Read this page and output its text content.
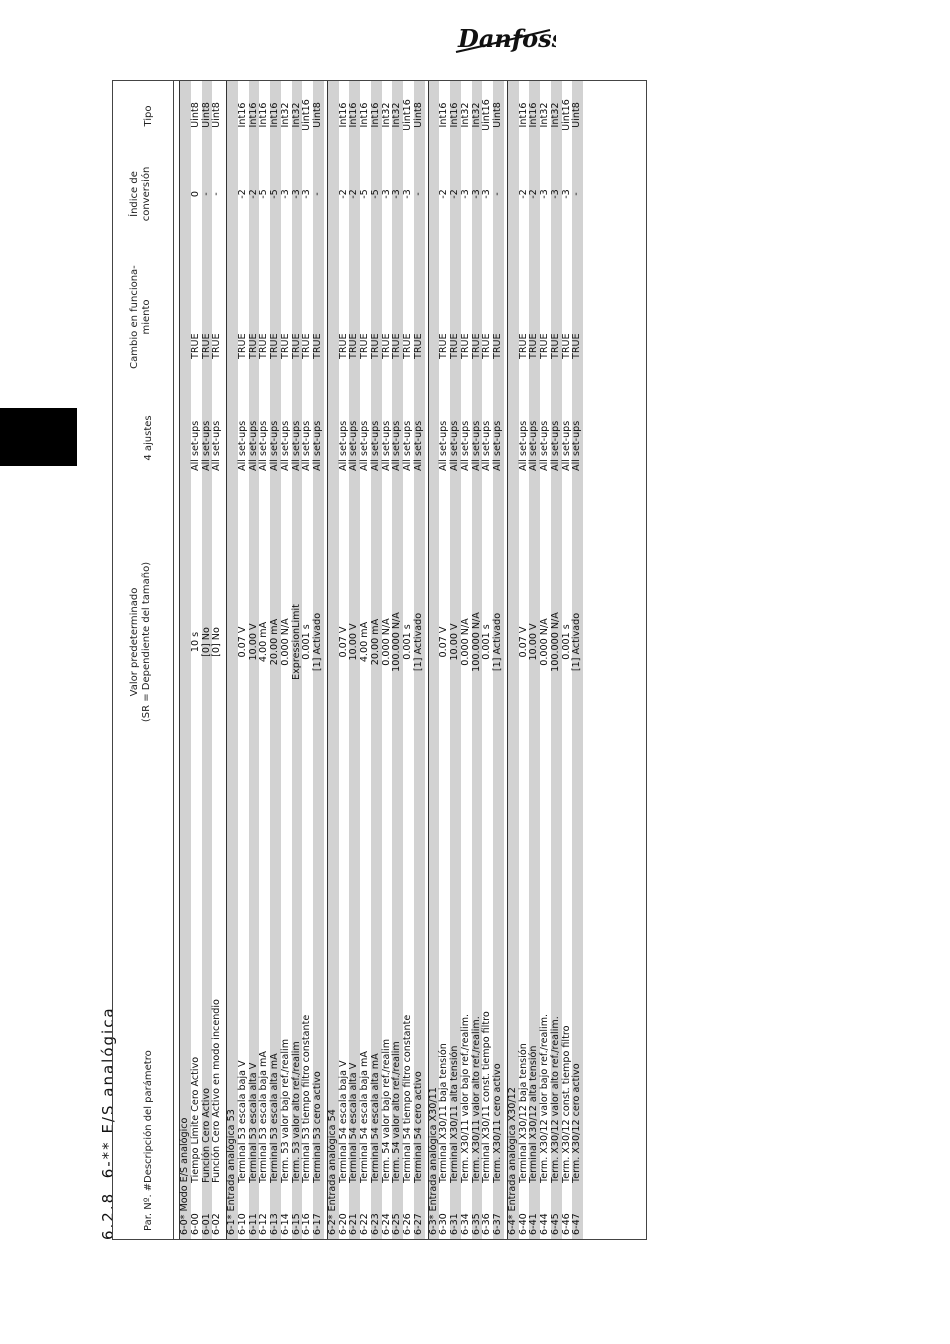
Danfoss
6.2.8  6-** E/S analógica
Par. Nº. #
Descripción del parámetro
Valor predeterminado (SR = Dependiente del tamaño)
4 ajustes
Cambio en funciona- miento
Índice de conversión
Tipo
6-0* Modo E/S analógico 6-00
Tiempo Límite Cero Activo
10 s
All set-ups
TRUE
0
Uint8
6-01
Función Cero Activo
[0] No
All set-ups
TRUE
-
Uint8
6-02
Función Cero Activo en modo incendio
[0] No
All set-ups
TRUE
-
Uint8
6-1* Entrada analógica 53 6-10
Terminal 53 escala baja V
0.07 V
All set-ups
TRUE
-2
Int16
6-11
Terminal 53 escala alta V
10.00 V
All set-ups
TRUE
-2
Int16
6-12
Terminal 53 escala baja mA
4.00 mA
All set-ups
TRUE
-5
Int16
6-13
Terminal 53 escala alta mA
20.00 mA
All set-ups
TRUE
-5
Int16
6-14
Term. 53 valor bajo ref./realim
0.000 N/A
All set-ups
TRUE
-3
Int32
6-15
Term. 53 valor alto ref./realim
ExpressionLimit
All set-ups
TRUE
-3
Int32
6-16
Terminal 53 tiempo filtro constante
0.001 s
All set-ups
TRUE
-3
Uint16
6-17
Terminal 53 cero activo
[1] Activado
All set-ups
TRUE
-
Uint8
6-2* Entrada analógica 54 6-20
Terminal 54 escala baja V
0.07 V
All set-ups
TRUE
-2
Int16
6-21
Terminal 54 escala alta V
10.00 V
All set-ups
TRUE
-2
Int16
6-22
Terminal 54 escala baja mA
4.00 mA
All set-ups
TRUE
-5
Int16
6-23
Terminal 54 escala alta mA
20.00 mA
All set-ups
TRUE
-5
Int16
6-24
Term. 54 valor bajo ref./realim
0.000 N/A
All set-ups
TRUE
-3
Int32
6-25
Term. 54 valor alto ref./realim
100.000 N/A
All set-ups
TRUE
-3
Int32
6-26
Terminal 54 tiempo filtro constante
0.001 s
All set-ups
TRUE
-3
Uint16
6-27
Terminal 54 cero activo
[1] Activado
All set-ups
TRUE
-
Uint8
6-3* Entrada analógica X30/11 6-30
Terminal X30/11 baja tensión
0.07 V
All set-ups
TRUE
-2
Int16
6-31
Terminal X30/11 alta tensión
10.00 V
All set-ups
TRUE
-2
Int16
6-34
Term. X30/11 valor bajo ref./realim.
0.000 N/A
All set-ups
TRUE
-3
Int32
6-35
Term. X30/11 valor alto ref./realim.
100.000 N/A
All set-ups
TRUE
-3
Int32
6-36
Terminal X30/11 const. tiempo filtro
0.001 s
All set-ups
TRUE
-3
Uint16
6-37
Term. X30/11 cero activo
[1] Activado
All set-ups
TRUE
-
Uint8
6-4* Entrada analógica X30/12 6-40
Terminal X30/12 baja tensión
0.07 V
All set-ups
TRUE
-2
Int16
6-41
Terminal X30/12 alta tensión
10.00 V
All set-ups
TRUE
-2
Int16
6-44
Term. X30/12 valor bajo ref./realim.
0.000 N/A
All set-ups
TRUE
-3
Int32
6-45
Term. X30/12 valor alto ref./realim.
100.000 N/A
All set-ups
TRUE
-3
Int32
6-46
Term. X30/12 const. tiempo filtro
0.001 s
All set-ups
TRUE
-3
Uint16
6-47
Term. X30/12 cero activo
[1] Activado
All set-ups
TRUE
-
Uint8
